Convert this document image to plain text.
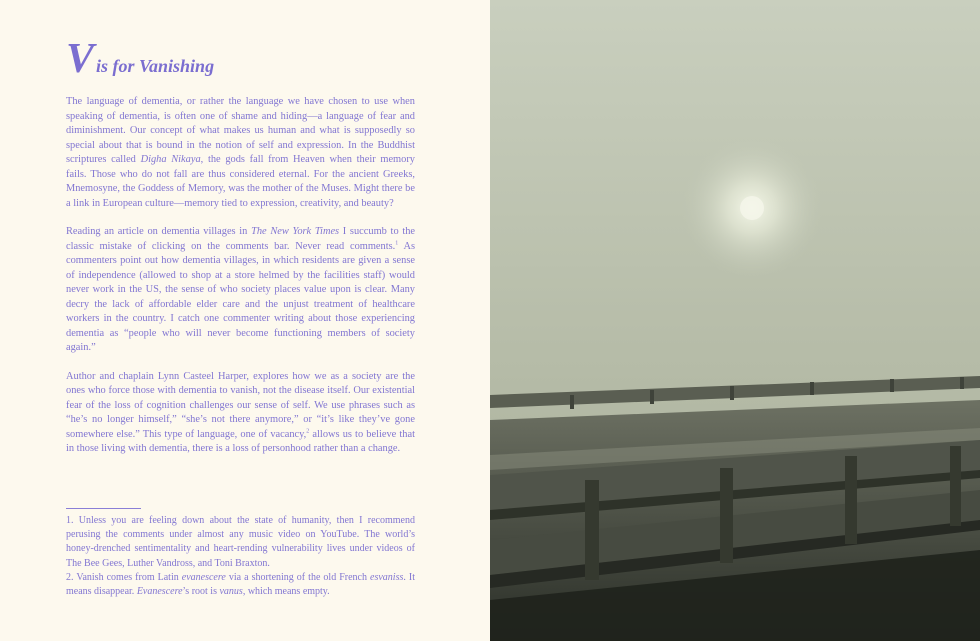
Vis for Vanishing

The language of dementia, or rather the language we have chosen to use when speaking of dementia, is often one of shame and hiding—a language of fear and diminishment. Our concept of what makes us human and what is supposedly so special about that is bound in the notion of self and expression. In the Buddhist scriptures called Digha Nikaya, the gods fall from Heaven when their memory fails. Those who do not fall are thus considered eternal. For the ancient Greeks, Mnemosyne, the Goddess of Memory, was the mother of the Muses. Might there be a link in European culture—memory tied to expression, creativity, and beauty?

Reading an article on dementia villages in The New York Times I succumb to the classic mistake of clicking on the comments bar. Never read comments.$^1$ As commenters point out how dementia villages, in which residents are given a sense of independence (allowed to shop at a store helmed by the facilities staff) would never work in the US, the sense of who society places value upon is clear. Many decry the lack of affordable elder care and the unjust treatment of healthcare workers in the country. I catch one commenter writing about those experiencing dementia as “people who will never become functioning members of society again.”

Author and chaplain Lynn Casteel Harper, explores how we as a society are the ones who force those with dementia to vanish, not the disease itself. Our existential fear of the loss of cognition challenges our sense of self. We use phrases such as “he’s no longer himself,” “she’s not there anymore,” or “it’s like they’ve gone somewhere else.” This type of language, one of vacancy,$^2$ allows us to believe that in those living with dementia, there is a loss of personhood rather than a change.

1. Unless you are feeling down about the state of humanity, then I recommend perusing the comments under almost any music video on YouTube. The world’s honey-drenched sentimentality and heart-rending vulnerability lives under videos of The Bee Gees, Luther Vandross, and Toni Braxton.

2. Vanish comes from Latin evanescere via a shortening of the old French esvaniss. It means disappear. Evanescere’s root is vanus, which means empty.
